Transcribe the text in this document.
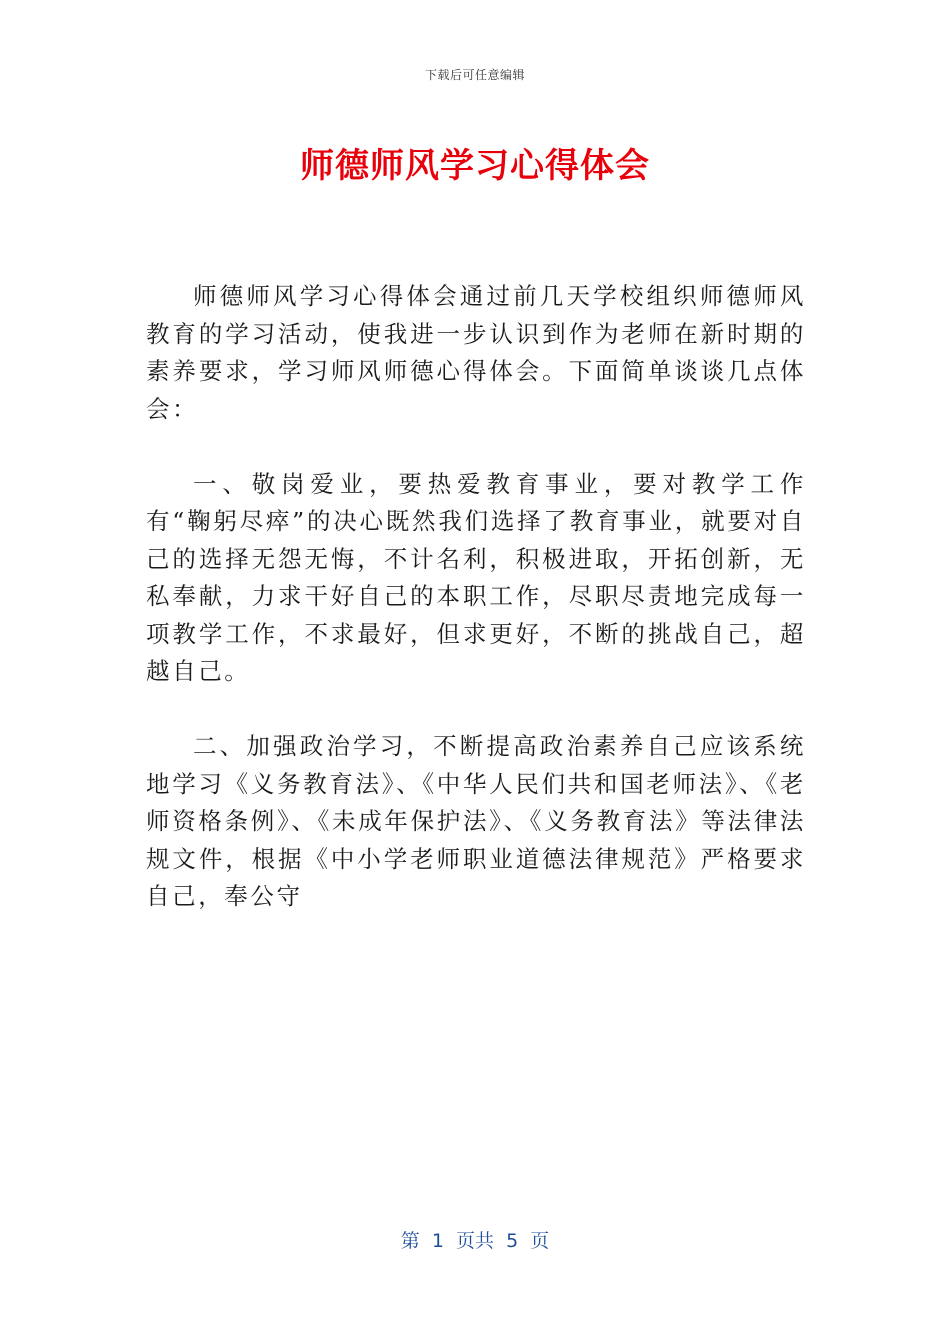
下载后可任意编辑
师德师风学习心得体会

师德师风学习心得体会通过前几天学校组织师德师风教育的学习活动，使我进一步认识到作为老师在新时期的素养要求，学习师风师德心得体会。下面简单谈谈几点体会：

一、敬岗爱业，要热爱教育事业，要对教学工作有“鞠躬尽瘁”的决心既然我们选择了教育事业，就要对自己的选择无怨无悔，不计名利，积极进取，开拓创新，无私奉献，力求干好自己的本职工作，尽职尽责地完成每一项教学工作，不求最好，但求更好，不断的挑战自己，超越自己。

二、加强政治学习，不断提高政治素养自己应该系统地学习《义务教育法》、《中华人民们共和国老师法》、《老师资格条例》、《未成年保护法》、《义务教育法》等法律法规文件，根据《中小学老师职业道德法律规范》严格要求自己，奉公守

第  1  页共  5  页
